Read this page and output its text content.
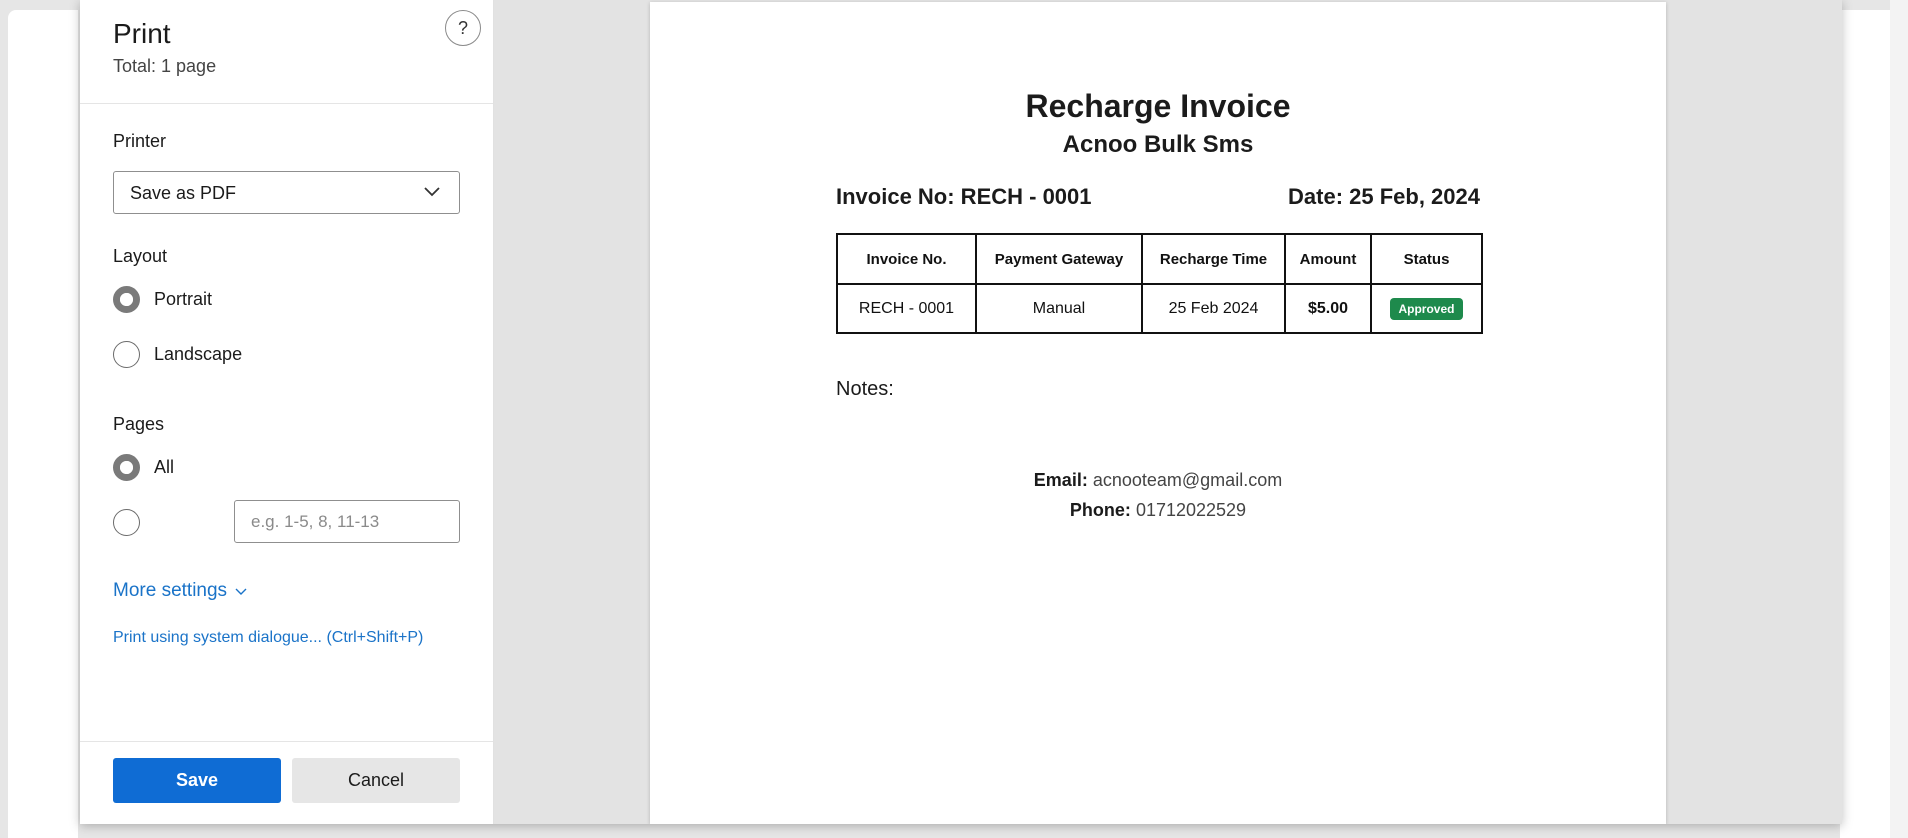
Print
Total: 1 page
?
Printer
Save as PDF
Layout
Portrait
Landscape
Pages
All
e.g. 1-5, 8, 11-13
More settings
Print using system dialogue... (Ctrl+Shift+P)
Save	Cancel
Recharge Invoice
Acnoo Bulk Sms
Invoice No: RECH - 0001	Date: 25 Feb, 2024
Invoice No.	Payment Gateway	Recharge Time	Amount	Status
RECH - 0001	Manual	25 Feb 2024	$5.00	Approved
Notes:
Email: acnooteam@gmail.com
Phone: 01712022529
